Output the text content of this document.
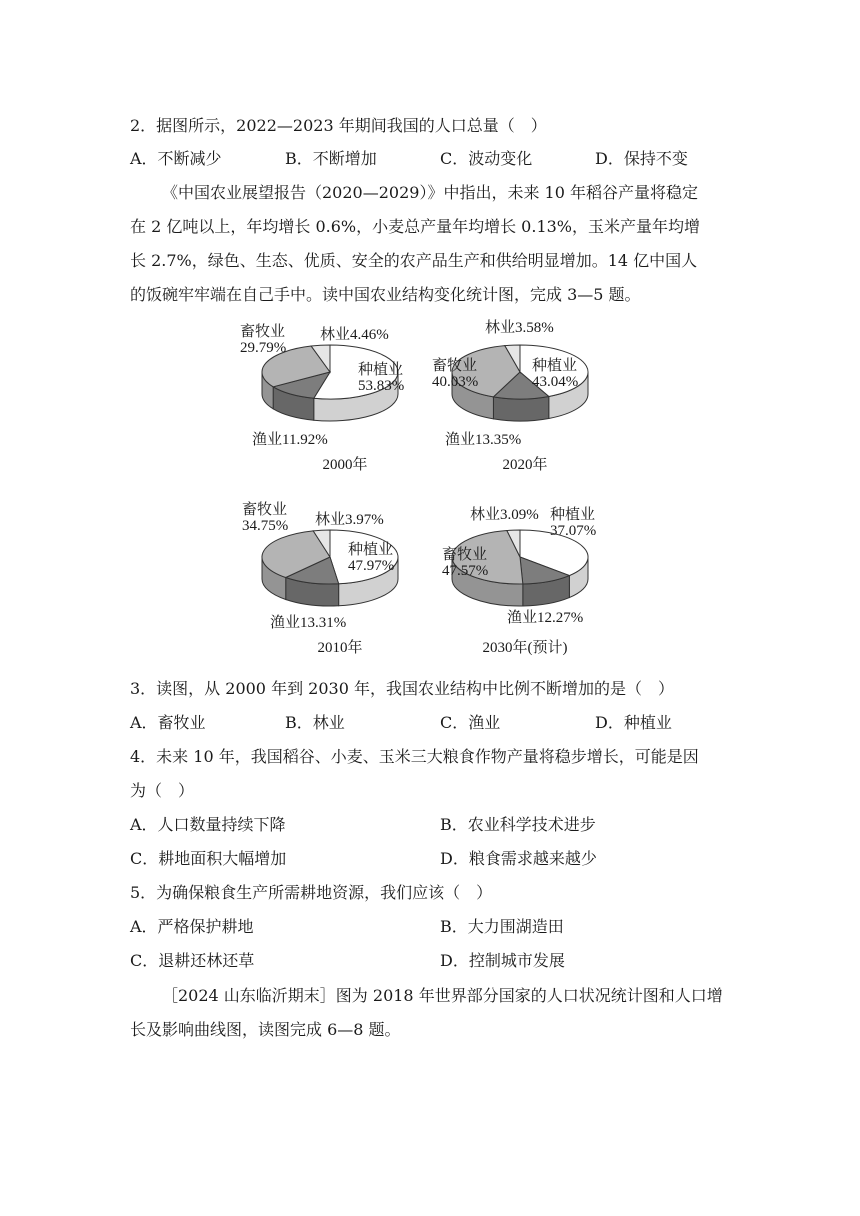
2．据图所示，2022—2023 年期间我国的人口总量（　）
A．不断减少	B．不断增加	C．波动变化	D．保持不变
《中国农业展望报告（2020—2029）》中指出，未来 10 年稻谷产量将稳定
在 2 亿吨以上，年均增长 0.6%，小麦总产量年均增长 0.13%，玉米产量年均增
长 2.7%，绿色、生态、优质、安全的农产品生产和供给明显增加。14 亿中国人
的饭碗牢牢端在自己手中。读中国农业结构变化统计图，完成 3—5 题。
2000年
畜牧业
29.79%
林业4.46%
种植业
53.83%
渔业11.92%
2020年
林业3.58%
畜牧业
40.03%
种植业
43.04%
渔业13.35%
2010年
畜牧业
34.75% 林业3.97%
种植业
47.97%
渔业13.31%
2030年(预计)
林业3.09% 种植业
37.07%
畜牧业
47.57%
渔业12.27%
3．读图，从 2000 年到 2030 年，我国农业结构中比例不断增加的是（　）
A．畜牧业	B．林业	C．渔业	D．种植业
4．未来 10 年，我国稻谷、小麦、玉米三大粮食作物产量将稳步增长，可能是因
为（　）
A．人口数量持续下降	B．农业科学技术进步
C．耕地面积大幅增加	D．粮食需求越来越少
5．为确保粮食生产所需耕地资源，我们应该（　）
A．严格保护耕地	B．大力围湖造田
C．退耕还林还草	D．控制城市发展
［2024 山东临沂期末］图为 2018 年世界部分国家的人口状况统计图和人口增
长及影响曲线图，读图完成 6—8 题。
